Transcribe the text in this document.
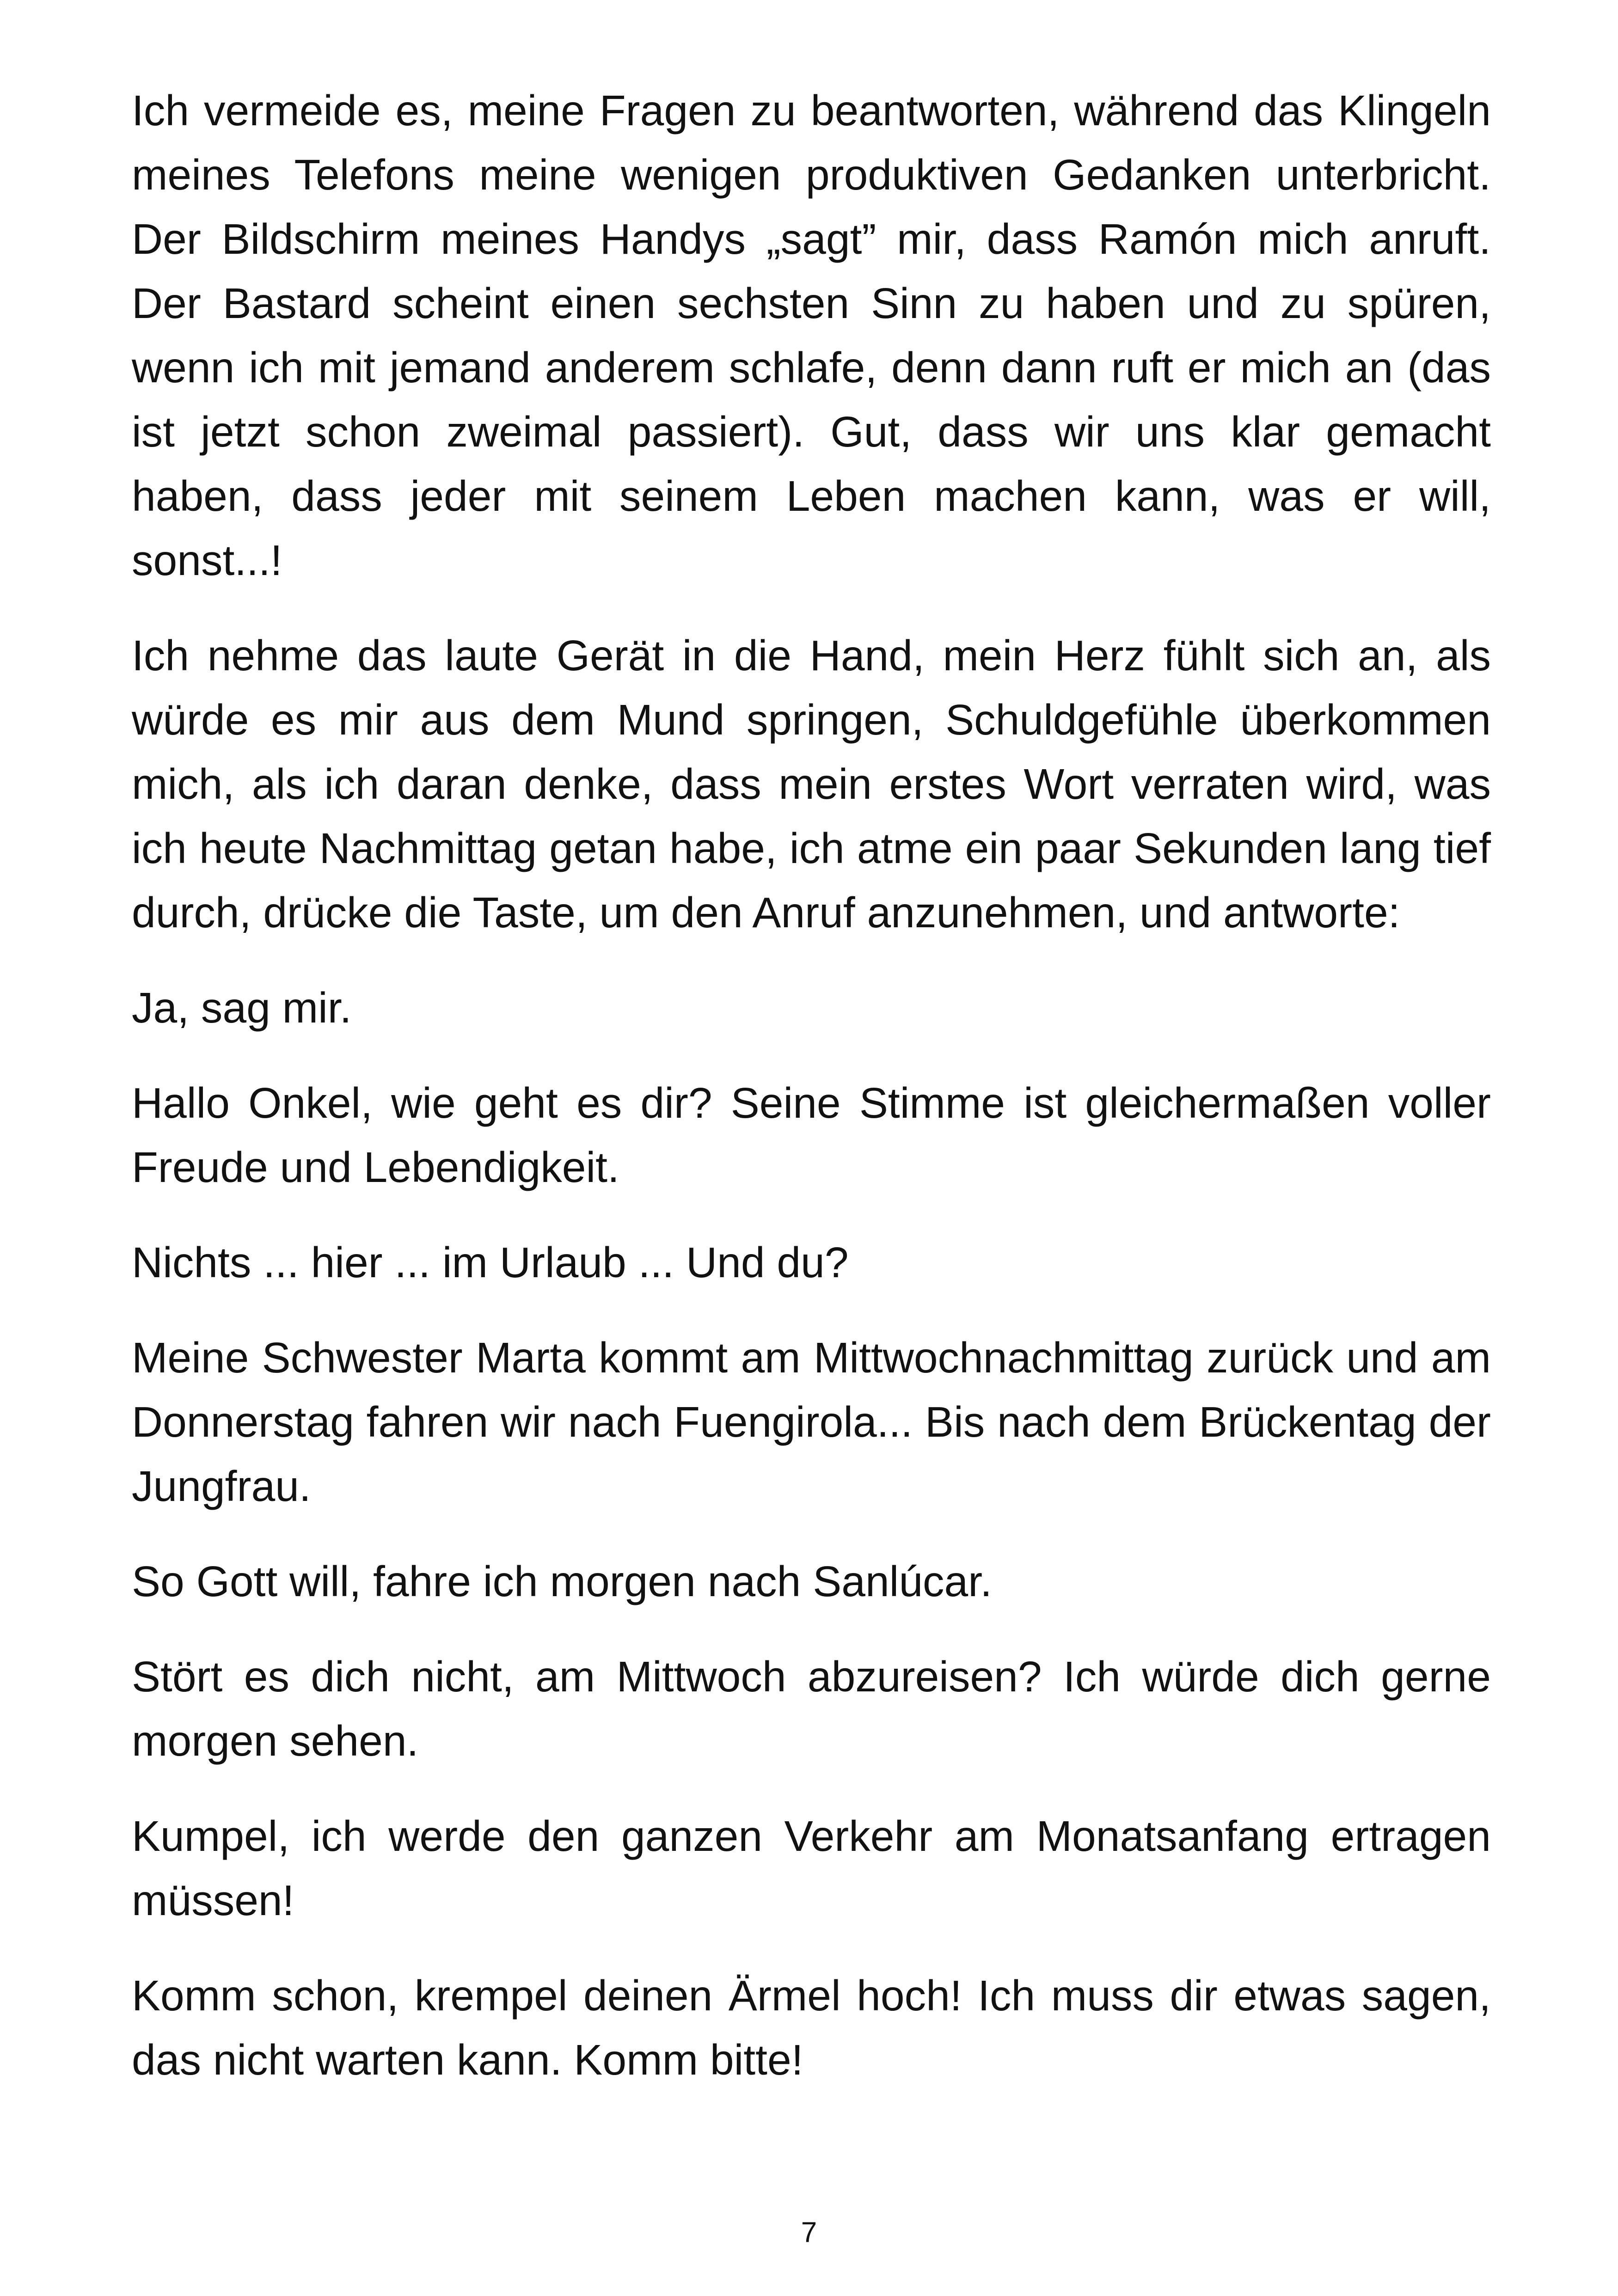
Ich vermeide es, meine Fragen zu beantworten, während das Klingeln meines Telefons meine wenigen produktiven Gedanken unterbricht. Der Bildschirm meines Handys „sagt” mir, dass Ramón mich anruft. Der Bastard scheint einen sechsten Sinn zu haben und zu spüren, wenn ich mit jemand anderem schlafe, denn dann ruft er mich an (das ist jetzt schon zweimal passiert). Gut, dass wir uns klar gemacht haben, dass jeder mit seinem Leben machen kann, was er will, sonst...!

Ich nehme das laute Gerät in die Hand, mein Herz fühlt sich an, als würde es mir aus dem Mund springen, Schuldgefühle überkommen mich, als ich daran denke, dass mein erstes Wort verraten wird, was ich heute Nachmittag getan habe, ich atme ein paar Sekunden lang tief durch, drücke die Taste, um den Anruf anzunehmen, und antworte:

Ja, sag mir.

Hallo Onkel, wie geht es dir? Seine Stimme ist gleichermaßen voller Freude und Lebendigkeit.

Nichts ... hier ... im Urlaub ... Und du?

Meine Schwester Marta kommt am Mittwochnachmittag zurück und am Donnerstag fahren wir nach Fuengirola... Bis nach dem Brückentag der Jungfrau.

So Gott will, fahre ich morgen nach Sanlúcar.

Stört es dich nicht, am Mittwoch abzureisen? Ich würde dich gerne morgen sehen.

Kumpel, ich werde den ganzen Verkehr am Monatsanfang ertragen müssen!

Komm schon, krempel deinen Ärmel hoch! Ich muss dir etwas sagen, das nicht warten kann. Komm bitte!

7
